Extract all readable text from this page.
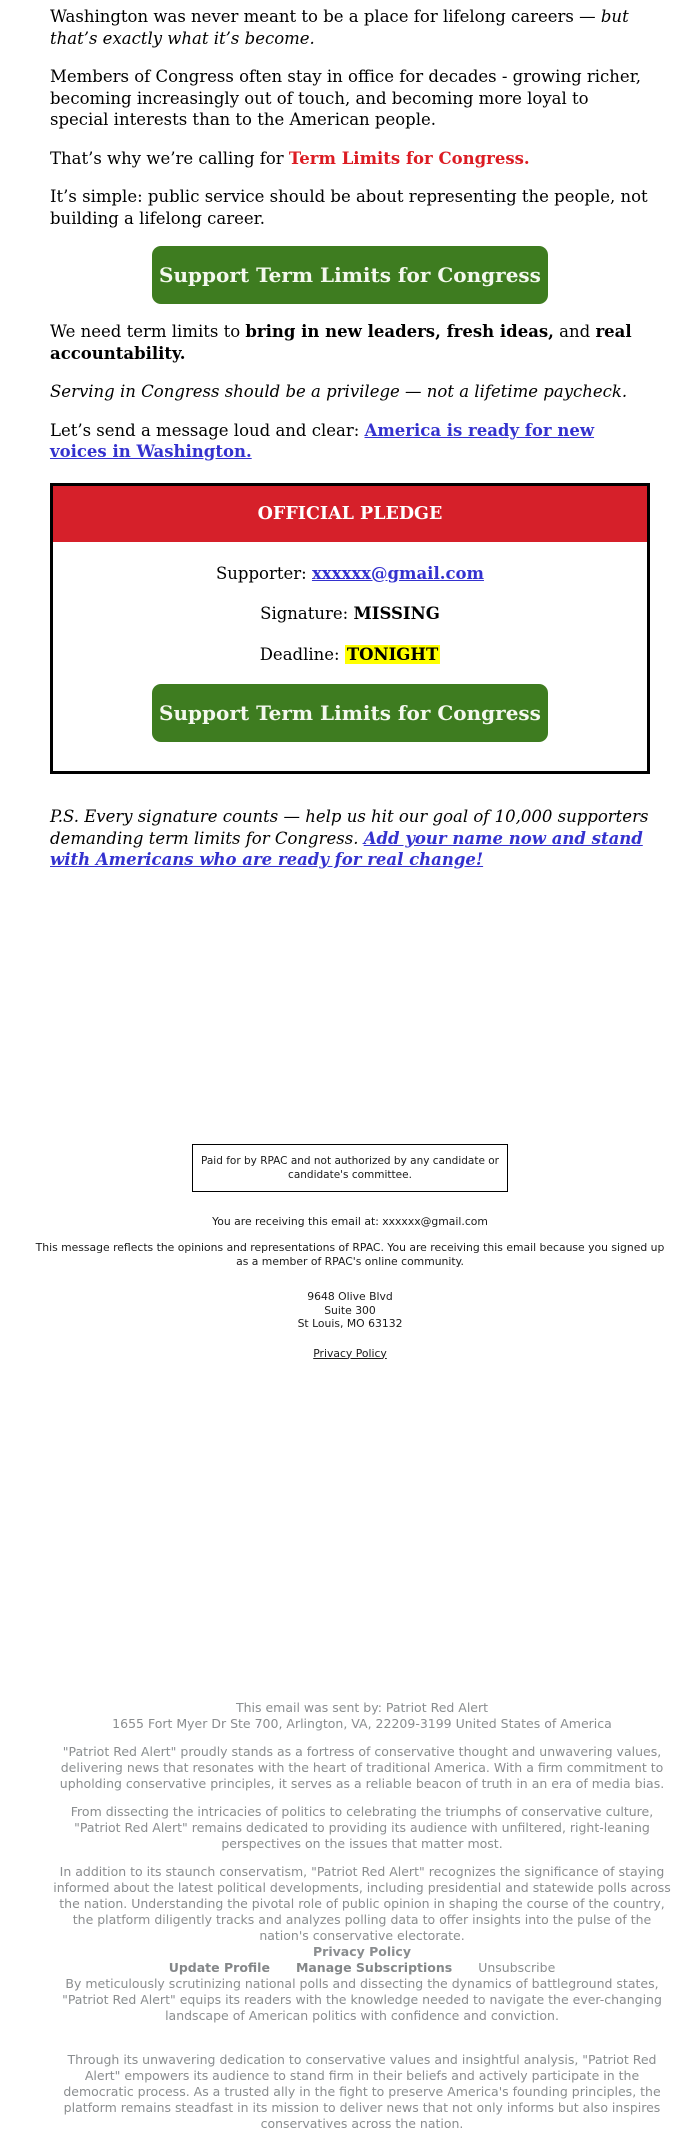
Washington was never meant to be a place for lifelong careers — but that’s exactly what it’s become.

Members of Congress often stay in office for decades - growing richer, becoming increasingly out of touch, and becoming more loyal to special interests than to the American people.

That’s why we’re calling for Term Limits for Congress.

It’s simple: public service should be about representing the people, not building a lifelong career.

Support Term Limits for Congress

We need term limits to bring in new leaders, fresh ideas, and real accountability.

Serving in Congress should be a privilege — not a lifetime paycheck.

Let’s send a message loud and clear: America is ready for new voices in Washington.

OFFICIAL PLEDGE
Supporter: xxxxxx@gmail.com
Signature: MISSING
Deadline: TONIGHT
Support Term Limits for Congress

P.S. Every signature counts — help us hit our goal of 10,000 supporters demanding term limits for Congress. Add your name now and stand with Americans who are ready for real change!

Paid for by RPAC and not authorized by any candidate or candidate's committee.
You are receiving this email at: xxxxxx@gmail.com
This message reflects the opinions and representations of RPAC. You are receiving this email because you signed up as a member of RPAC's online community.
9648 Olive Blvd
Suite 300
St Louis, MO 63132
Privacy Policy
This email was sent by: Patriot Red Alert
1655 Fort Myer Dr Ste 700, Arlington, VA, 22209-3199 United States of America
"Patriot Red Alert" proudly stands as a fortress of conservative thought and unwavering values, delivering news that resonates with the heart of traditional America. With a firm commitment to upholding conservative principles, it serves as a reliable beacon of truth in an era of media bias.
From dissecting the intricacies of politics to celebrating the triumphs of conservative culture, "Patriot Red Alert" remains dedicated to providing its audience with unfiltered, right-leaning perspectives on the issues that matter most.
In addition to its staunch conservatism, "Patriot Red Alert" recognizes the significance of staying informed about the latest political developments, including presidential and statewide polls across the nation. Understanding the pivotal role of public opinion in shaping the course of the country, the platform diligently tracks and analyzes polling data to offer insights into the pulse of the nation's conservative electorate.
Privacy Policy
Update Profile Manage Subscriptions Unsubscribe
By meticulously scrutinizing national polls and dissecting the dynamics of battleground states, "Patriot Red Alert" equips its readers with the knowledge needed to navigate the ever-changing landscape of American politics with confidence and conviction.
Through its unwavering dedication to conservative values and insightful analysis, "Patriot Red Alert" empowers its audience to stand firm in their beliefs and actively participate in the democratic process. As a trusted ally in the fight to preserve America's founding principles, the platform remains steadfast in its mission to deliver news that not only informs but also inspires conservatives across the nation.
